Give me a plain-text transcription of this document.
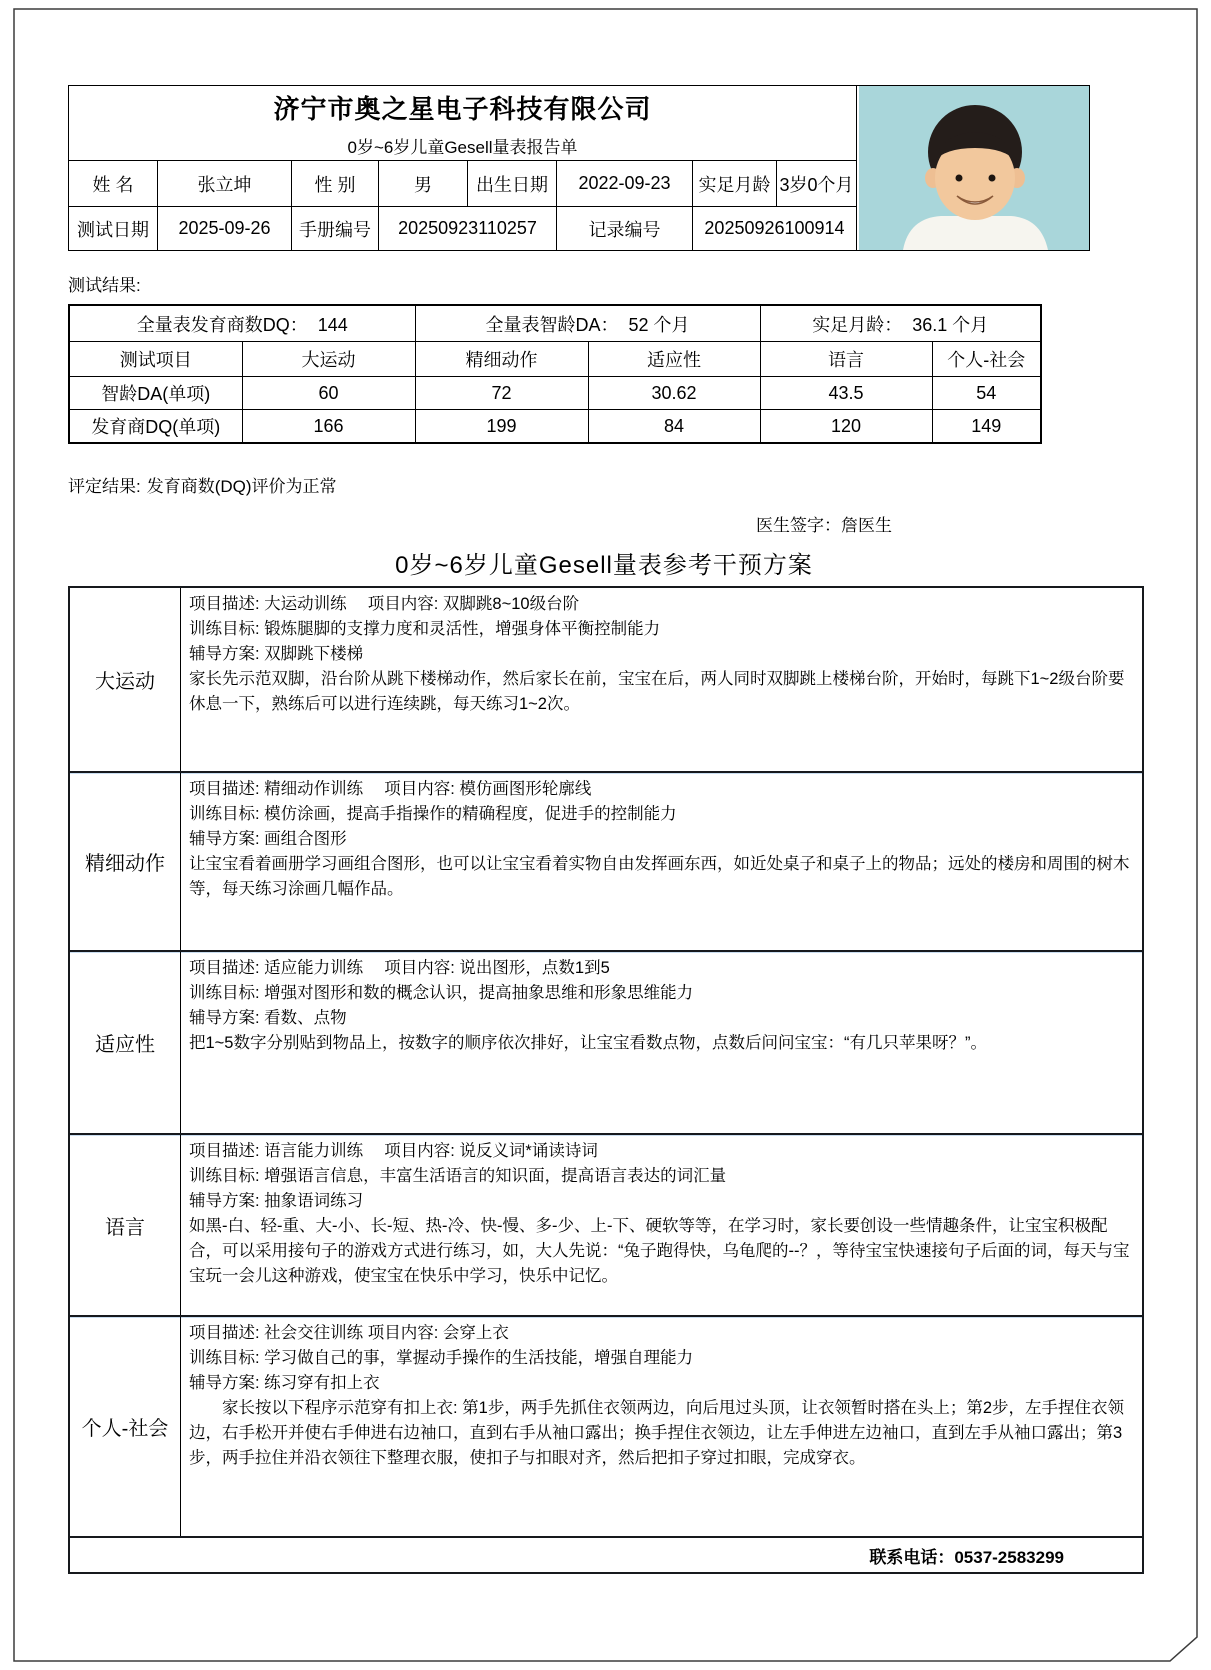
济宁市奥之星电子科技有限公司
0岁~6岁儿童Gesell量表报告单

姓 名	张立坤	性 别	男	出生日期	2022-09-23	实足月龄	3岁0个月	
测试日期	2025-09-26	手册编号	20250923110257		记录编号	20250926100914		
测试结果:
全量表发育商数DQ： 144		全量表智龄DA： 52 个月		实足月龄： 36.1 个月	
测试项目	大运动	精细动作	适应性	语言	个人-社会
智龄DA(单项)	60	72	30.62	43.5	54
发育商DQ(单项)	166	199	84	120	149
评定结果: 发育商数(DQ)评价为正常
医生签字：詹医生
0岁~6岁儿童Gesell量表参考干预方案
大运动
项目描述: 大运动训练　 项目内容: 双脚跳8~10级台阶
训练目标: 锻炼腿脚的支撑力度和灵活性，增强身体平衡控制能力
辅导方案: 双脚跳下楼梯
家长先示范双脚，沿台阶从跳下楼梯动作，然后家长在前，宝宝在后，两人同时双脚跳上楼梯台阶，开始时，每跳下1~2级台阶要休息一下，熟练后可以进行连续跳，每天练习1~2次。
精细动作
项目描述: 精细动作训练　 项目内容: 模仿画图形轮廓线
训练目标: 模仿涂画，提高手指操作的精确程度，促进手的控制能力
辅导方案: 画组合图形
让宝宝看着画册学习画组合图形，也可以让宝宝看着实物自由发挥画东西，如近处桌子和桌子上的物品；远处的楼房和周围的树木等，每天练习涂画几幅作品。
适应性
项目描述: 适应能力训练　 项目内容: 说出图形，点数1到5
训练目标: 增强对图形和数的概念认识，提高抽象思维和形象思维能力
辅导方案: 看数、点物
把1~5数字分别贴到物品上，按数字的顺序依次排好，让宝宝看数点物，点数后问问宝宝：“有几只苹果呀？”。
语言
项目描述: 语言能力训练　 项目内容: 说反义词*诵读诗词
训练目标: 增强语言信息，丰富生活语言的知识面，提高语言表达的词汇量
辅导方案: 抽象语词练习
如黑-白、轻-重、大-小、长-短、热-冷、快-慢、多-少、上-下、硬软等等，在学习时，家长要创设一些情趣条件，让宝宝积极配合，可以采用接句子的游戏方式进行练习，如，大人先说：“兔子跑得快，乌龟爬的--？，等待宝宝快速接句子后面的词，每天与宝宝玩一会儿这种游戏，使宝宝在快乐中学习，快乐中记忆。
个人-社会
项目描述: 社会交往训练 项目内容: 会穿上衣
训练目标: 学习做自己的事，掌握动手操作的生活技能，增强自理能力
辅导方案: 练习穿有扣上衣
　　家长按以下程序示范穿有扣上衣: 第1步，两手先抓住衣领两边，向后甩过头顶，让衣领暂时搭在头上；第2步，左手捏住衣领边，右手松开并使右手伸进右边袖口，直到右手从袖口露出；换手捏住衣领边，让左手伸进左边袖口，直到左手从袖口露出；第3步，两手拉住并沿衣领往下整理衣服，使扣子与扣眼对齐，然后把扣子穿过扣眼，完成穿衣。
联系电话：0537-2583299
